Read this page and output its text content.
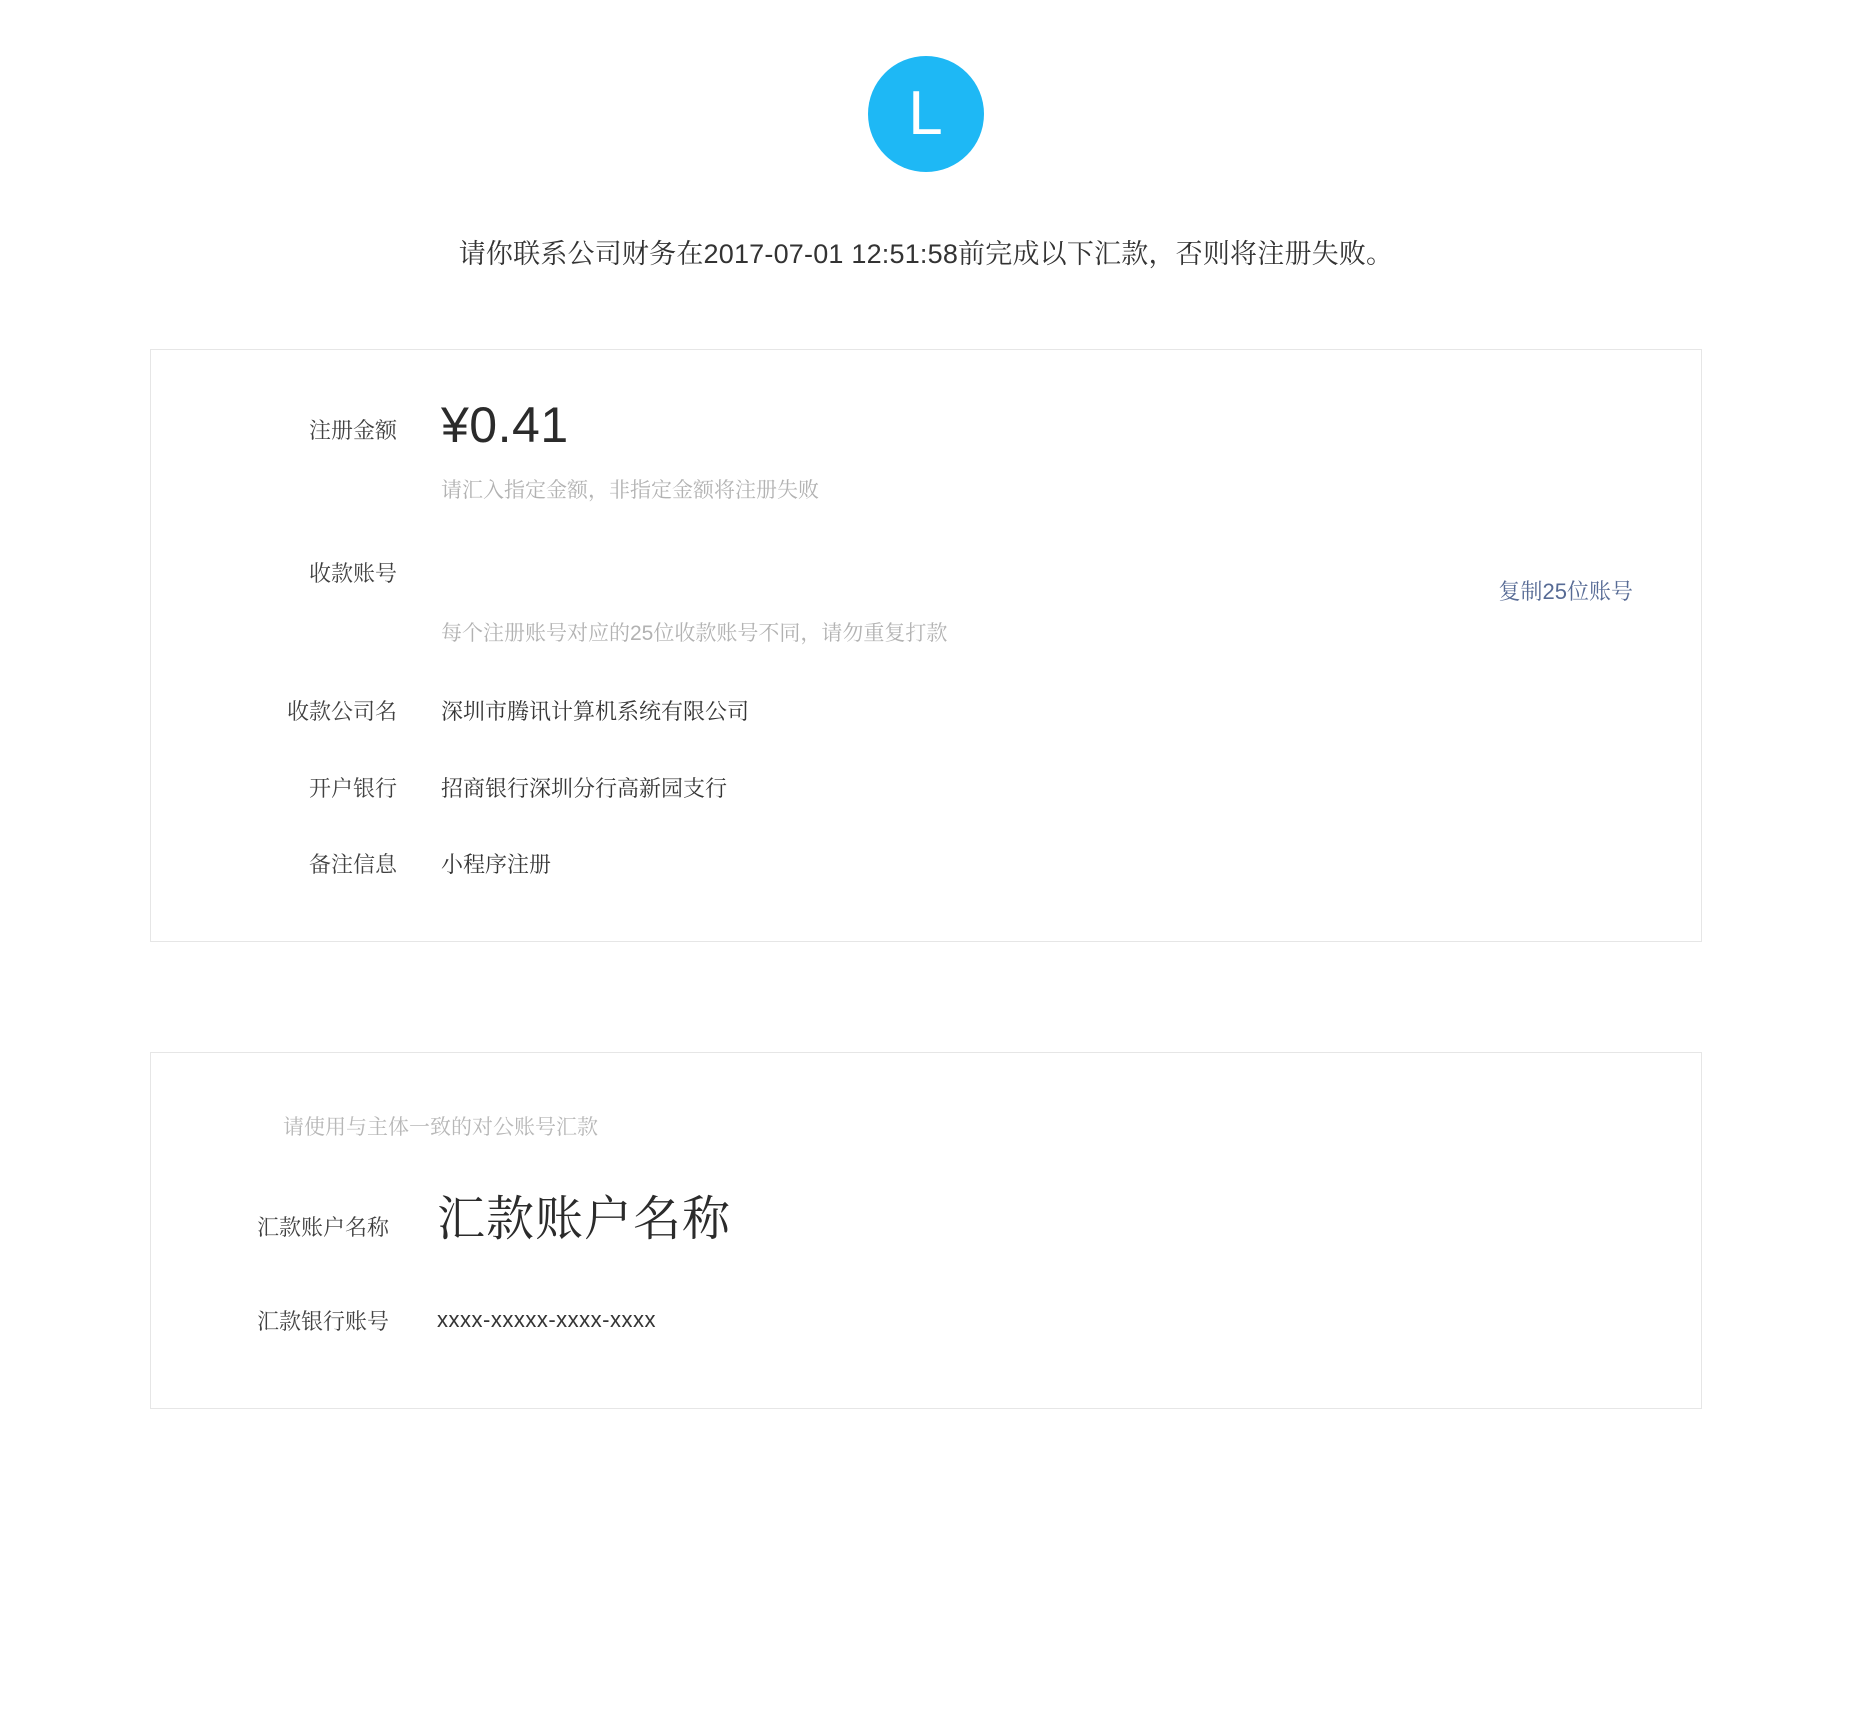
L
请你联系公司财务在2017-07-01 12:51:58前完成以下汇款，否则将注册失败。
注册金额 ¥0.41
请汇入指定金额，非指定金额将注册失败
收款账号
每个注册账号对应的25位收款账号不同，请勿重复打款
复制25位账号
收款公司名	深圳市腾讯计算机系统有限公司
开户银行	招商银行深圳分行高新园支行
备注信息	小程序注册
请使用与主体一致的对公账号汇款
汇款账户名称	汇款账户名称
汇款银行账号	xxxx-xxxxx-xxxx-xxxx
